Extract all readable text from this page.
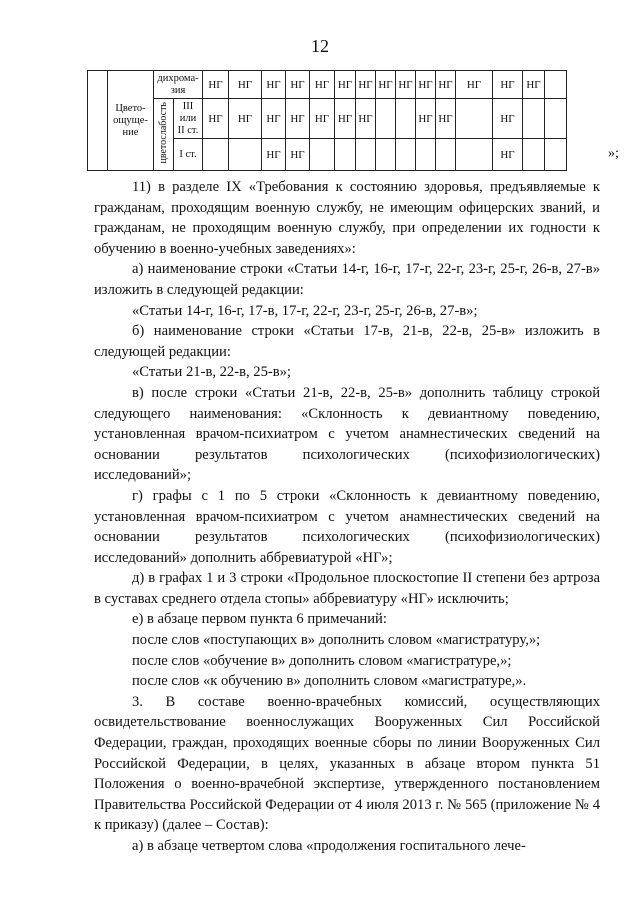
12
	Цвето-
ощуще-
ние	дихрома-
зия		НГ	НГ	НГ	НГ	НГ	НГ	НГ	НГ	НГ	НГ	НГ	НГ	НГ	НГ	
		цветослабость	III
или
II ст.	НГ	НГ	НГ	НГ	НГ	НГ	НГ			НГ	НГ		НГ		
			I ст.			НГ	НГ									НГ			»;

11) в разделе IX «Требования к состоянию здоровья, предъявляемые к гражданам, проходящим военную службу, не имеющим офицерских званий, и гражданам, не проходящим военную службу, при определении их годности к обучению в военно-учебных заведениях»:

а) наименование строки «Статьи 14-г, 16-г, 17-г, 22-г, 23-г, 25-г, 26-в, 27-в» изложить в следующей редакции:

«Статьи 14-г, 16-г, 17-в, 17-г, 22-г, 23-г, 25-г, 26-в, 27-в»;

б) наименование строки «Статьи 17-в, 21-в, 22-в, 25-в» изложить в следующей редакции:

«Статьи 21-в, 22-в, 25-в»;

в) после строки «Статьи 21-в, 22-в, 25-в» дополнить таблицу строкой следующего наименования: «Склонность к девиантному поведению, установленная врачом-психиатром с учетом анамнестических сведений на основании результатов психологических (психофизиологических) исследований»;

г) графы с 1 по 5 строки «Склонность к девиантному поведению, установленная врачом-психиатром с учетом анамнестических сведений на основании результатов психологических (психофизиологических) исследований» дополнить аббревиатурой «НГ»;

д) в графах 1 и 3 строки «Продольное плоскостопие II степени без артроза в суставах среднего отдела стопы» аббревиатуру «НГ» исключить;

е) в абзаце первом пункта 6 примечаний:

после слов «поступающих в» дополнить словом «магистратуру,»;

после слов «обучение в» дополнить словом «магистратуре,»;

после слов «к обучению в» дополнить словом «магистратуре,».

3. В составе военно-врачебных комиссий, осуществляющих освидетельствование военнослужащих Вооруженных Сил Российской Федерации, граждан, проходящих военные сборы по линии Вооруженных Сил Российской Федерации, в целях, указанных в абзаце втором пункта 51 Положения о военно-врачебной экспертизе, утвержденного постановлением Правительства Российской Федерации от 4 июля 2013 г. № 565 (приложение № 4 к приказу) (далее – Состав):

а) в абзаце четвертом слова «продолжения госпитального лече-
